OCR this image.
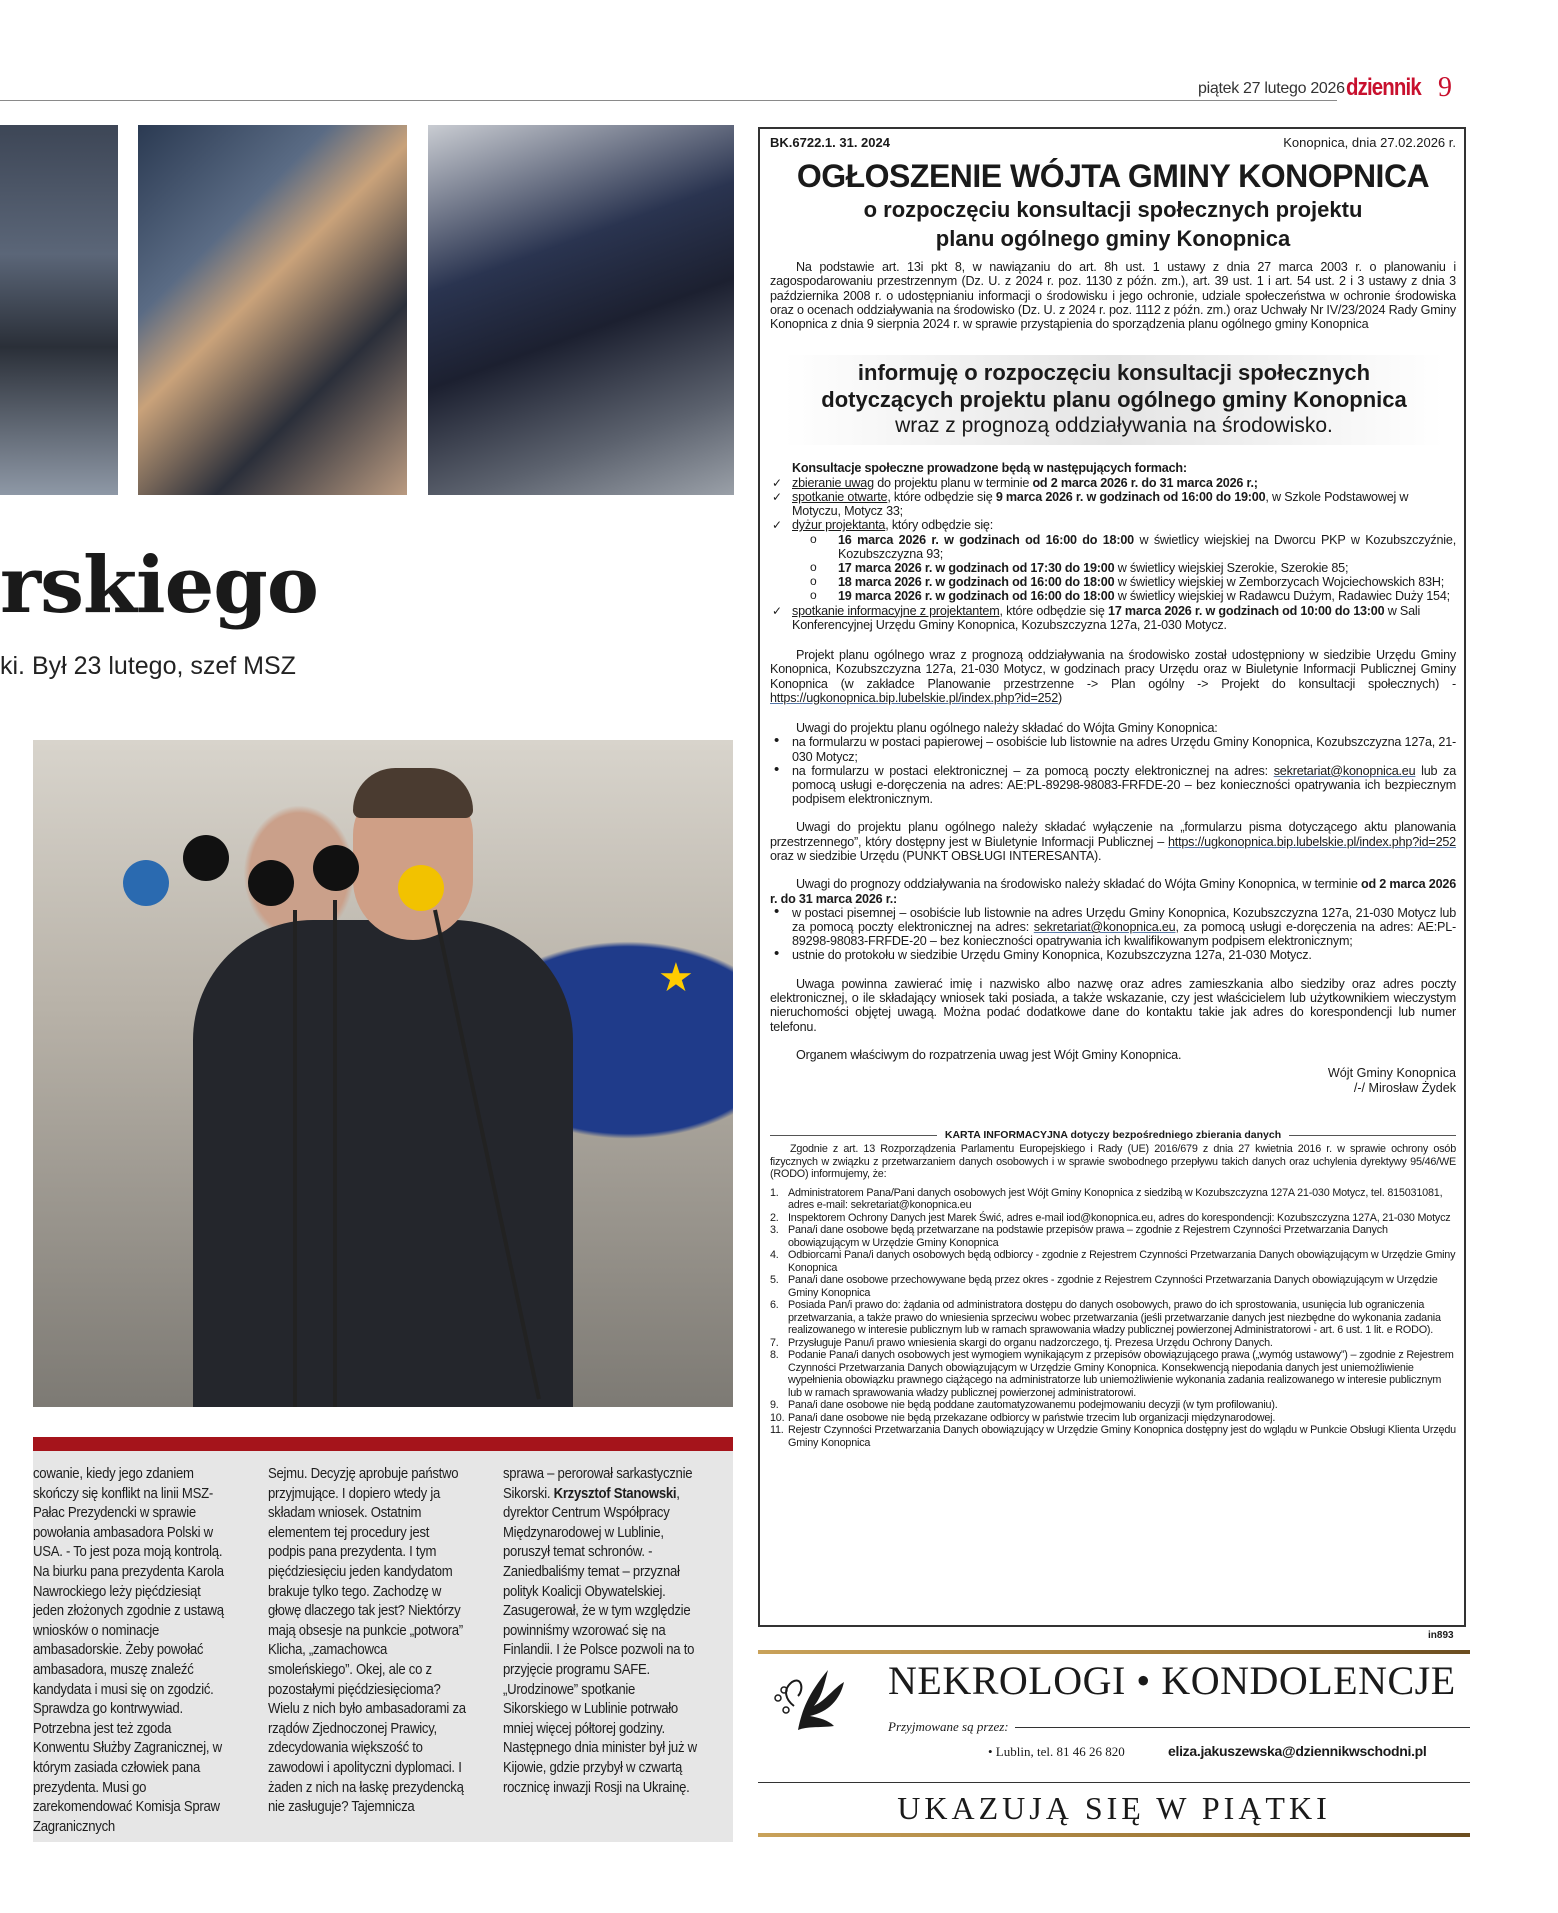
piątek 27 lutego 2026 dziennik 9
rskiego
ki. Był 23 lutego, szef MSZ
★

cowanie, kiedy jego zdaniem skończy się konflikt na linii MSZ-Pałac Prezydencki w sprawie powołania ambasadora Polski w USA. - To jest poza moją kontrolą. Na biurku pana prezydenta Karola Nawrockiego leży pięćdziesiąt jeden złożonych zgodnie z ustawą wniosków o nominacje ambasadorskie. Żeby powołać ambasadora, muszę znaleźć kandydata i musi się on zgodzić. Sprawdza go kontrwywiad. Potrzebna jest też zgoda Konwentu Służby Zagranicznej, w którym zasiada człowiek pana prezydenta. Musi go zarekomendować Komisja Spraw Zagranicznych

Sejmu. Decyzję aprobuje państwo przyjmujące. I dopiero wtedy ja składam wniosek. Ostatnim elementem tej procedury jest podpis pana prezydenta. I tym pięćdziesięciu jeden kandydatom brakuje tylko tego. Zachodzę w głowę dlaczego tak jest? Niektórzy mają obsesje na punkcie „potwora” Klicha, „zamachowca smoleńskiego”. Okej, ale co z pozostałymi pięćdziesięcioma? Wielu z nich było ambasadorami za rządów Zjednoczonej Prawicy, zdecydowania większość to zawodowi i apolityczni dyplomaci. I żaden z nich na łaskę prezydencką nie zasługuje? Tajemnicza

sprawa – perorował sarkastycznie Sikorski. Krzysztof Stanowski, dyrektor Centrum Współpracy Międzynarodowej w Lublinie, poruszył temat schronów. - Zaniedbaliśmy temat – przyznał polityk Koalicji Obywatelskiej. Zasugerował, że w tym względzie powinniśmy wzorować się na Finlandii. I że Polsce pozwoli na to przyjęcie programu SAFE. „Urodzinowe” spotkanie Sikorskiego w Lublinie potrwało mniej więcej półtorej godziny. Następnego dnia minister był już w Kijowie, gdzie przybył w czwartą rocznicę inwazji Rosji na Ukrainę.

BK.6722.1. 31. 2024	Konopnica, dnia 27.02.2026 r.
OGŁOSZENIE WÓJTA GMINY KONOPNICA
o rozpoczęciu konsultacji społecznych projektu
planu ogólnego gminy Konopnica

Na podstawie art. 13i pkt 8, w nawiązaniu do art. 8h ust. 1 ustawy z dnia 27 marca 2003 r. o planowaniu i zagospodarowaniu przestrzennym (Dz. U. z 2024 r. poz. 1130 z późn. zm.), art. 39 ust. 1 i art. 54 ust. 2 i 3 ustawy z dnia 3 października 2008 r. o udostępnianiu informacji o środowisku i jego ochronie, udziale społeczeństwa w ochronie środowiska oraz o ocenach oddziaływania na środowisko (Dz. U. z 2024 r. poz. 1112 z późn. zm.) oraz Uchwały Nr IV/23/2024 Rady Gminy Konopnica z dnia 9 sierpnia 2024 r. w sprawie przystąpienia do sporządzenia planu ogólnego gminy Konopnica

informuję o rozpoczęciu konsultacji społecznych
dotyczących projektu planu ogólnego gminy Konopnica
wraz z prognozą oddziaływania na środowisko.
Konsultacje społeczne prowadzone będą w następujących formach:
✓ zbieranie uwag do projektu planu w terminie od 2 marca 2026 r. do 31 marca 2026 r.;
✓ spotkanie otwarte, które odbędzie się 9 marca 2026 r. w godzinach od 16:00 do 19:00, w Szkole Podstawowej w Motyczu, Motycz 33;
✓ dyżur projektanta, który odbędzie się:
o 16 marca 2026 r. w godzinach od 16:00 do 18:00 w świetlicy wiejskiej na Dworcu PKP w Kozubszczyźnie, Kozubszczyzna 93;
o 17 marca 2026 r. w godzinach od 17:30 do 19:00 w świetlicy wiejskiej Szerokie, Szerokie 85;
o 18 marca 2026 r. w godzinach od 16:00 do 18:00 w świetlicy wiejskiej w Zemborzycach Wojciechowskich 83H;
o 19 marca 2026 r. w godzinach od 16:00 do 18:00 w świetlicy wiejskiej w Radawcu Dużym, Radawiec Duży 154;
✓ spotkanie informacyjne z projektantem, które odbędzie się 17 marca 2026 r. w godzinach od 10:00 do 13:00 w Sali Konferencyjnej Urzędu Gminy Konopnica, Kozubszczyzna 127a, 21-030 Motycz.

Projekt planu ogólnego wraz z prognozą oddziaływania na środowisko został udostępniony w siedzibie Urzędu Gminy Konopnica, Kozubszczyzna 127a, 21-030 Motycz, w godzinach pracy Urzędu oraz w Biuletynie Informacji Publicznej Gminy Konopnica (w zakładce Planowanie przestrzenne -> Plan ogólny -> Projekt do konsultacji społecznych) - https://ugkonopnica.bip.lubelskie.pl/index.php?id=252)

Uwagi do projektu planu ogólnego należy składać do Wójta Gminy Konopnica:
• na formularzu w postaci papierowej – osobiście lub listownie na adres Urzędu Gminy Konopnica, Kozubszczyzna 127a, 21-030 Motycz;
• na formularzu w postaci elektronicznej – za pomocą poczty elektronicznej na adres: sekretariat@konopnica.eu lub za pomocą usługi e-doręczenia na adres: AE:PL-89298-98083-FRFDE-20 – bez konieczności opatrywania ich bezpiecznym podpisem elektronicznym.

Uwagi do projektu planu ogólnego należy składać wyłączenie na „formularzu pisma dotyczącego aktu planowania przestrzennego”, który dostępny jest w Biuletynie Informacji Publicznej – https://ugkonopnica.bip.lubelskie.pl/index.php?id=252 oraz w siedzibie Urzędu (PUNKT OBSŁUGI INTERESANTA).

Uwagi do prognozy oddziaływania na środowisko należy składać do Wójta Gminy Konopnica, w terminie od 2 marca 2026 r. do 31 marca 2026 r.:

• w postaci pisemnej – osobiście lub listownie na adres Urzędu Gminy Konopnica, Kozubszczyzna 127a, 21-030 Motycz lub za pomocą poczty elektronicznej na adres: sekretariat@konopnica.eu, za pomocą usługi e-doręczenia na adres: AE:PL-89298-98083-FRFDE-20 – bez konieczności opatrywania ich kwalifikowanym podpisem elektronicznym;
• ustnie do protokołu w siedzibie Urzędu Gminy Konopnica, Kozubszczyzna 127a, 21-030 Motycz.

Uwaga powinna zawierać imię i nazwisko albo nazwę oraz adres zamieszkania albo siedziby oraz adres poczty elektronicznej, o ile składający wniosek taki posiada, a także wskazanie, czy jest właścicielem lub użytkownikiem wieczystym nieruchomości objętej uwagą. Można podać dodatkowe dane do kontaktu takie jak adres do korespondencji lub numer telefonu.

Organem właściwym do rozpatrzenia uwag jest Wójt Gminy Konopnica.

Wójt Gminy Konopnica
/-/ Mirosław Żydek
KARTA INFORMACYJNA dotyczy bezpośredniego zbierania danych

Zgodnie z art. 13 Rozporządzenia Parlamentu Europejskiego i Rady (UE) 2016/679 z dnia 27 kwietnia 2016 r. w sprawie ochrony osób fizycznych w związku z przetwarzaniem danych osobowych i w sprawie swobodnego przepływu takich danych oraz uchylenia dyrektywy 95/46/WE (RODO) informujemy, że:

1. Administratorem Pana/Pani danych osobowych jest Wójt Gminy Konopnica z siedzibą w Kozubszczyzna 127A 21-030 Motycz, tel. 815031081, adres e-mail: sekretariat@konopnica.eu
2. Inspektorem Ochrony Danych jest Marek Świć, adres e-mail iod@konopnica.eu, adres do korespondencji: Kozubszczyzna 127A, 21-030 Motycz
3. Pana/i dane osobowe będą przetwarzane na podstawie przepisów prawa – zgodnie z Rejestrem Czynności Przetwarzania Danych obowiązującym w Urzędzie Gminy Konopnica
4. Odbiorcami Pana/i danych osobowych będą odbiorcy - zgodnie z Rejestrem Czynności Przetwarzania Danych obowiązującym w Urzędzie Gminy Konopnica
5. Pana/i dane osobowe przechowywane będą przez okres - zgodnie z Rejestrem Czynności Przetwarzania Danych obowiązującym w Urzędzie Gminy Konopnica
6. Posiada Pan/i prawo do: żądania od administratora dostępu do danych osobowych, prawo do ich sprostowania, usunięcia lub ograniczenia przetwarzania, a także prawo do wniesienia sprzeciwu wobec przetwarzania (jeśli przetwarzanie danych jest niezbędne do wykonania zadania realizowanego w interesie publicznym lub w ramach sprawowania władzy publicznej powierzonej Administratorowi - art. 6 ust. 1 lit. e RODO).
7. Przysługuje Panu/i prawo wniesienia skargi do organu nadzorczego, tj. Prezesa Urzędu Ochrony Danych.
8. Podanie Pana/i danych osobowych jest wymogiem wynikającym z przepisów obowiązującego prawa („wymóg ustawowy”) – zgodnie z Rejestrem Czynności Przetwarzania Danych obowiązującym w Urzędzie Gminy Konopnica. Konsekwencją niepodania danych jest uniemożliwienie wypełnienia obowiązku prawnego ciążącego na administratorze lub uniemożliwienie wykonania zadania realizowanego w interesie publicznym lub w ramach sprawowania władzy publicznej powierzonej administratorowi.
9. Pana/i dane osobowe nie będą poddane zautomatyzowanemu podejmowaniu decyzji (w tym profilowaniu).
10. Pana/i dane osobowe nie będą przekazane odbiorcy w państwie trzecim lub organizacji międzynarodowej.
11. Rejestr Czynności Przetwarzania Danych obowiązujący w Urzędzie Gminy Konopnica dostępny jest do wglądu w Punkcie Obsługi Klienta Urzędu Gminy Konopnica
in893
NEKROLOGI • KONDOLENCJE
Przyjmowane są przez:
• Lublin, tel. 81 46 26 820	eliza.jakuszewska@dziennikwschodni.pl
UKAZUJĄ SIĘ W PIĄTKI
